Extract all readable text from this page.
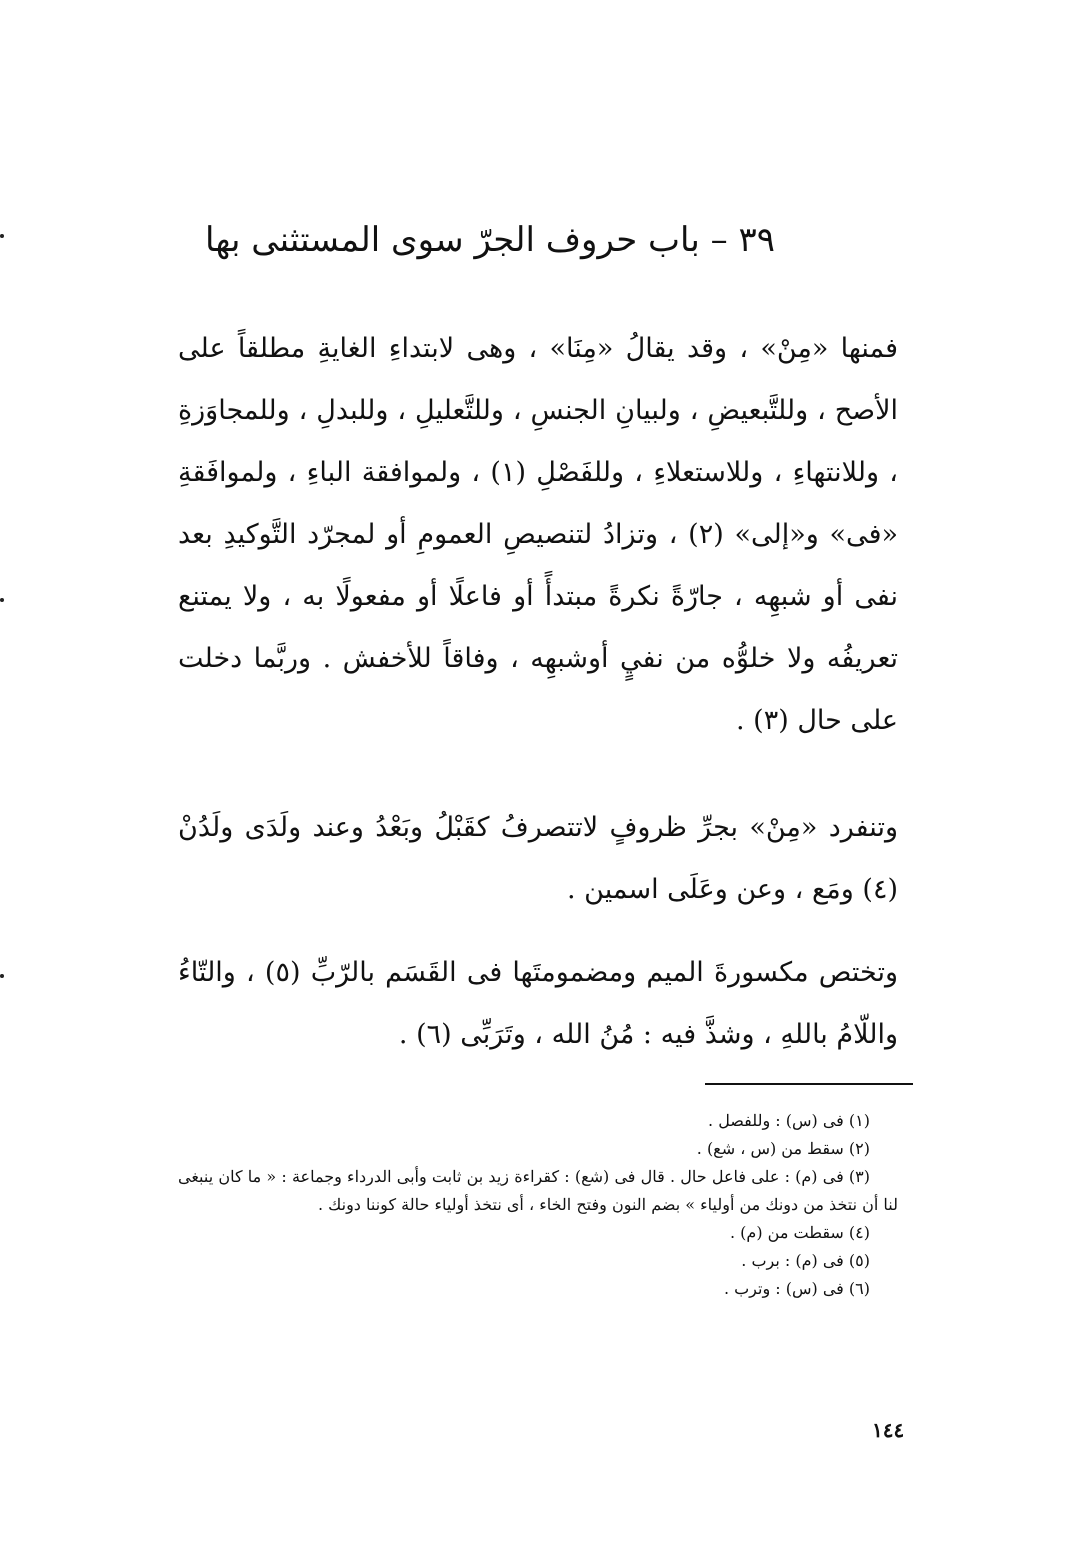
٣٩ – باب حروف الجرّ سوى المستثنى بها
فمنها «مِنْ» ، وقد يقالُ «مِنَا» ، وهى لابتداءِ الغايةِ مطلقاً على الأصح ، وللتَّبعيضِ ، ولبيانِ الجنسِ ، وللتَّعليلِ ، وللبدلِ ، وللمجاوَزةِ ، وللانتهاءِ ، وللاستعلاءِ ، وللفَصْلِ (١) ، ولموافقة الباءِ ، ولموافَقةِ «فى» و«إلى» (٢) ، وتزادُ لتنصيصِ العمومِ أو لمجرّد التَّوكيدِ بعد نفى أو شبهِه ، جارّةً نكرةً مبتدأً أو فاعلًا أو مفعولًا به ، ولا يمتنع تعريفُه ولا خلوُّه من نفيٍ أوشبهِه ، وفاقاً للأخفش . وربَّما دخلت على حال (٣) .
وتنفرد «مِنْ» بجرِّ ظروفٍ لاتتصرفُ كقَبْلُ وبَعْدُ وعند ولَدَى ولَدُنْ (٤) ومَع ، وعن وعَلَى اسمين .
وتختص مكسورةَ الميم ومضمومتَها فى القَسَم بالرّبِّ (٥) ، والتّاءُ واللّامُ باللهِ ، وشذَّ فيه : مُنُ الله ، وتَرَبِّى (٦) .
(١) فى (س) : وللفصل .
(٢) سقط من (س ، شع) .
(٣) فى (م) : على فاعل حال . قال فى (شع) : كقراءة زيد بن ثابت وأبى الدرداء وجماعة : « ما كان ينبغى لنا أن نتخذ من دونك من أولياء » بضم النون وفتح الخاء ، أى نتخذ أولياء حالة كوننا دونك .
(٤) سقطت من (م) .
(٥) فى (م) : برب .
(٦) فى (س) : وترب .
١٤٤
